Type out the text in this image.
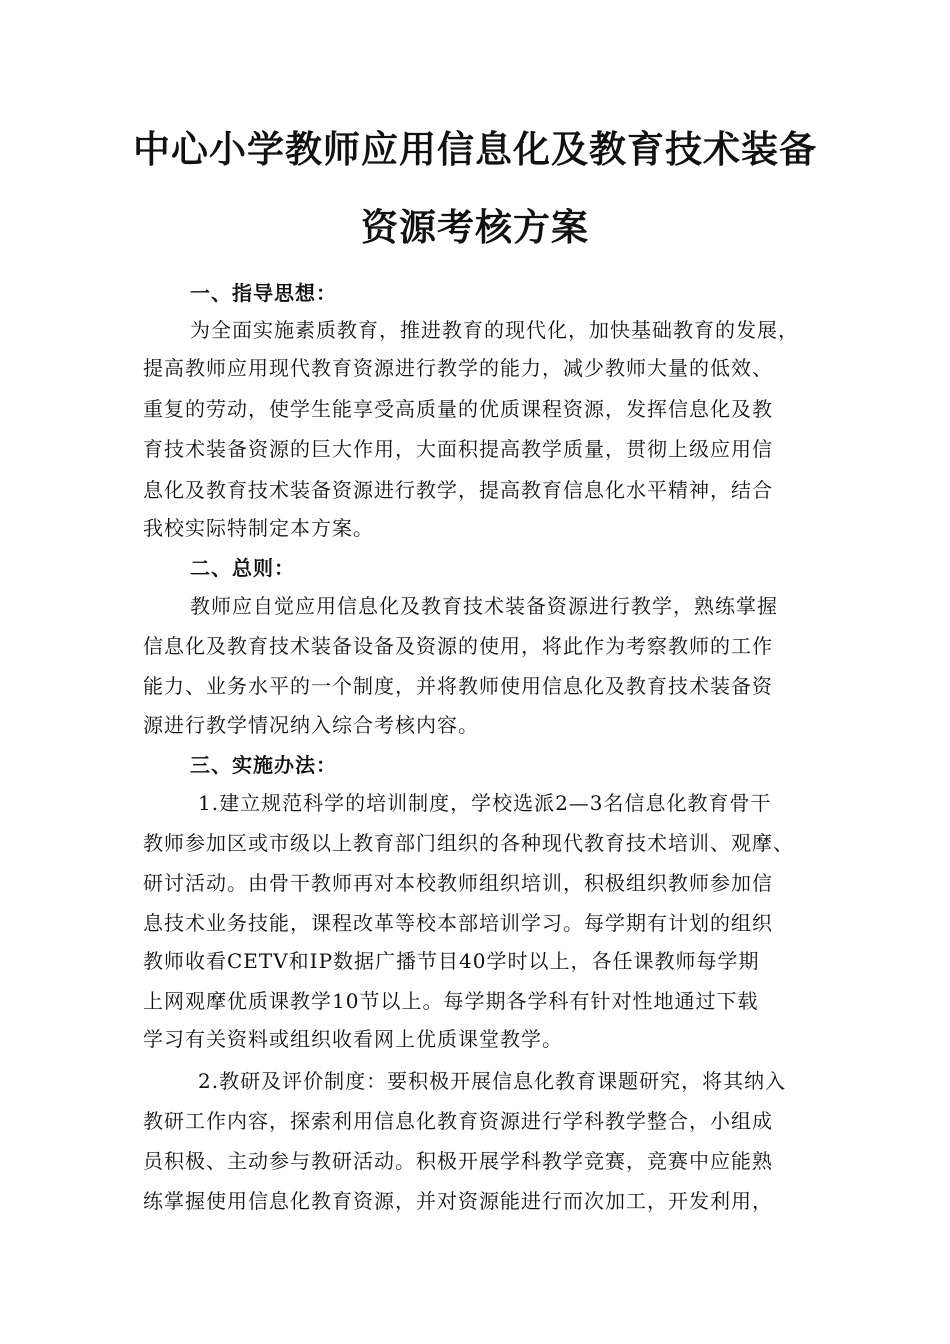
中心小学教师应用信息化及教育技术装备
资源考核方案
一、指导思想：
为全面实施素质教育，推进教育的现代化，加快基础教育的发展，
提高教师应用现代教育资源进行教学的能力，减少教师大量的低效、
重复的劳动，使学生能享受高质量的优质课程资源，发挥信息化及教
育技术装备资源的巨大作用，大面积提高教学质量，贯彻上级应用信
息化及教育技术装备资源进行教学，提高教育信息化水平精神，结合
我校实际特制定本方案。
二、总则：
教师应自觉应用信息化及教育技术装备资源进行教学，熟练掌握
信息化及教育技术装备设备及资源的使用，将此作为考察教师的工作
能力、业务水平的一个制度，并将教师使用信息化及教育技术装备资
源进行教学情况纳入综合考核内容。
三、实施办法：
1.建立规范科学的培训制度，学校选派2—3名信息化教育骨干
教师参加区或市级以上教育部门组织的各种现代教育技术培训、观摩、
研讨活动。由骨干教师再对本校教师组织培训，积极组织教师参加信
息技术业务技能，课程改革等校本部培训学习。每学期有计划的组织
教师收看CETV和IP数据广播节目40学时以上，各任课教师每学期
上网观摩优质课教学10节以上。每学期各学科有针对性地通过下载
学习有关资料或组织收看网上优质课堂教学。
2.教研及评价制度：要积极开展信息化教育课题研究，将其纳入
教研工作内容，探索利用信息化教育资源进行学科教学整合，小组成
员积极、主动参与教研活动。积极开展学科教学竞赛，竞赛中应能熟
练掌握使用信息化教育资源，并对资源能进行而次加工，开发利用，
